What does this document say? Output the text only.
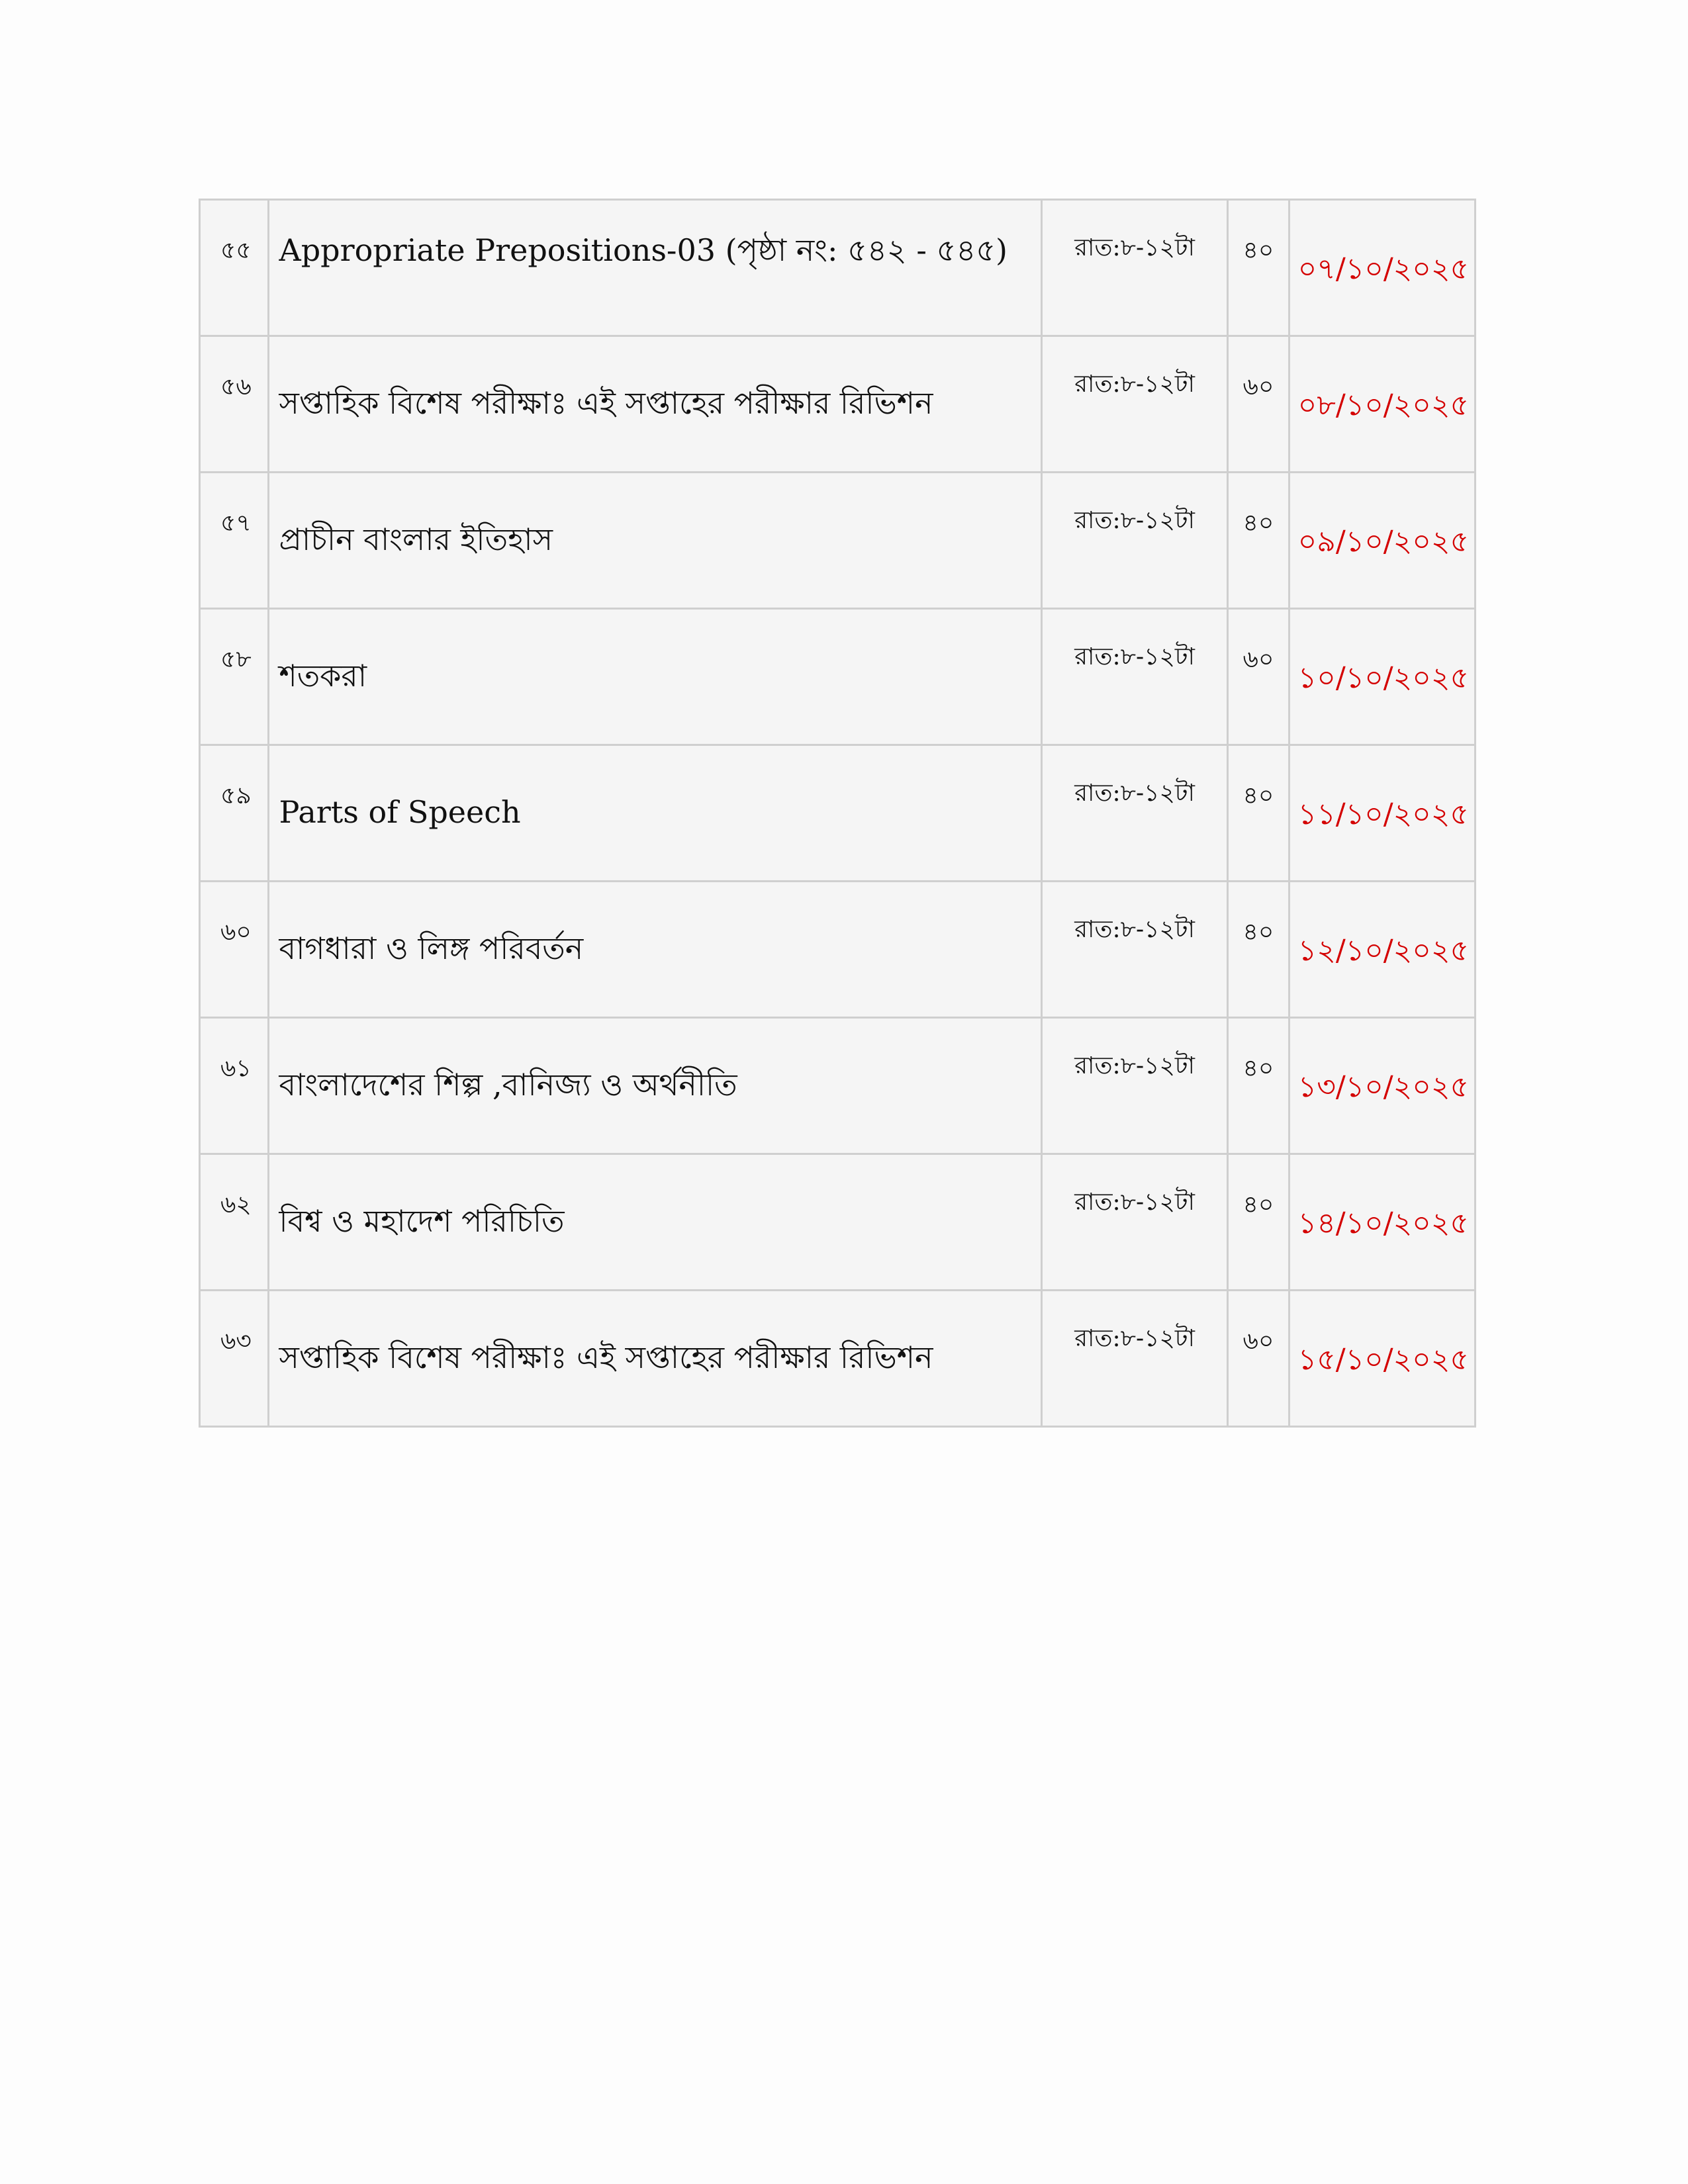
৫৫	Appropriate Prepositions-03 (পৃষ্ঠা নং: ৫৪২ - ৫৪৫)	রাত:৮-১২টা	৪০	০৭/১০/২০২৫

৫৬	সপ্তাহিক বিশেষ পরীক্ষাঃ এই সপ্তাহের পরীক্ষার রিভিশন	রাত:৮-১২টা	৬০	০৮/১০/২০২৫

৫৭	প্রাচীন বাংলার ইতিহাস	রাত:৮-১২টা	৪০	০৯/১০/২০২৫

৫৮	শতকরা	রাত:৮-১২টা	৬০	১০/১০/২০২৫

৫৯	Parts of Speech	রাত:৮-১২টা	৪০	১১/১০/২০২৫

৬০	বাগধারা ও লিঙ্গ পরিবর্তন	রাত:৮-১২টা	৪০	১২/১০/২০২৫

৬১	বাংলাদেশের শিল্প ,বানিজ্য ও অর্থনীতি	রাত:৮-১২টা	৪০	১৩/১০/২০২৫

৬২	বিশ্ব ও মহাদেশ পরিচিতি	রাত:৮-১২টা	৪০	১৪/১০/২০২৫

৬৩	সপ্তাহিক বিশেষ পরীক্ষাঃ এই সপ্তাহের পরীক্ষার রিভিশন	রাত:৮-১২টা	৬০	১৫/১০/২০২৫
